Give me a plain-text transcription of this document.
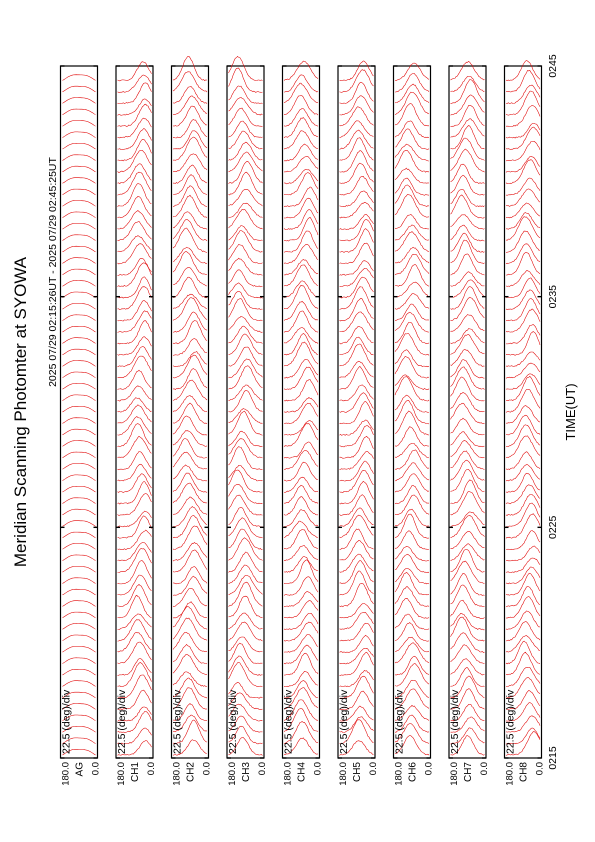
Meridian Scanning Photomter at SYOWA 2025 07/29 02:15:26UT - 2025 07/29 02:45:25UT
TIME(UT)
22.5 (deg)/div
180.0 0.0
AG
22.5 (deg)/div
180.0 0.0
CH1
22.5 (deg)/div
180.0 0.0
CH2
22.5 (deg)/div
180.0 0.0
CH3
22.5 (deg)/div
180.0 0.0
CH4
22.5 (deg)/div
180.0 0.0
CH5
22.5 (deg)/div
180.0 0.0
CH6
22.5 (deg)/div
180.0 0.0
CH7
22.5 (deg)/div
180.0 0.0
CH8
0215
0225
0235
0245
